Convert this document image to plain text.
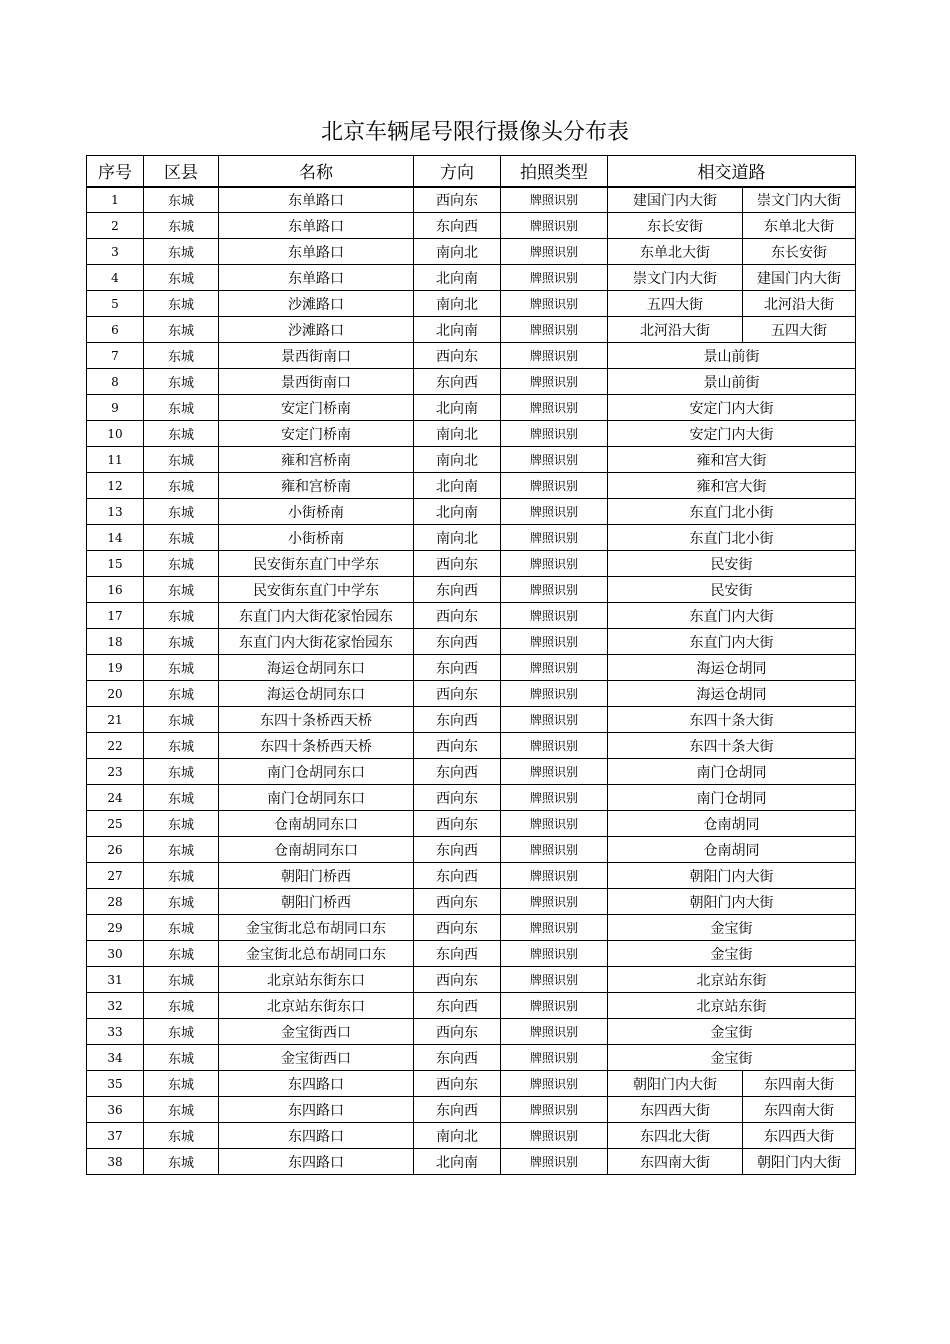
北京车辆尾号限行摄像头分布表
序号	区县	名称	方向	拍照类型	相交道路	
1	东城	东单路口	西向东	牌照识别	建国门内大街	崇文门内大街
2	东城	东单路口	东向西	牌照识别	东长安街	东单北大街
3	东城	东单路口	南向北	牌照识别	东单北大街	东长安街
4	东城	东单路口	北向南	牌照识别	崇文门内大街	建国门内大街
5	东城	沙滩路口	南向北	牌照识别	五四大街	北河沿大街
6	东城	沙滩路口	北向南	牌照识别	北河沿大街	五四大街
7	东城	景西街南口	西向东	牌照识别	景山前街	
8	东城	景西街南口	东向西	牌照识别	景山前街	
9	东城	安定门桥南	北向南	牌照识别	安定门内大街	
10	东城	安定门桥南	南向北	牌照识别	安定门内大街	
11	东城	雍和宫桥南	南向北	牌照识别	雍和宫大街	
12	东城	雍和宫桥南	北向南	牌照识别	雍和宫大街	
13	东城	小街桥南	北向南	牌照识别	东直门北小街	
14	东城	小街桥南	南向北	牌照识别	东直门北小街	
15	东城	民安街东直门中学东	西向东	牌照识别	民安街	
16	东城	民安街东直门中学东	东向西	牌照识别	民安街	
17	东城	东直门内大街花家怡园东	西向东	牌照识别	东直门内大街	
18	东城	东直门内大街花家怡园东	东向西	牌照识别	东直门内大街	
19	东城	海运仓胡同东口	东向西	牌照识别	海运仓胡同	
20	东城	海运仓胡同东口	西向东	牌照识别	海运仓胡同	
21	东城	东四十条桥西天桥	东向西	牌照识别	东四十条大街	
22	东城	东四十条桥西天桥	西向东	牌照识别	东四十条大街	
23	东城	南门仓胡同东口	东向西	牌照识别	南门仓胡同	
24	东城	南门仓胡同东口	西向东	牌照识别	南门仓胡同	
25	东城	仓南胡同东口	西向东	牌照识别	仓南胡同	
26	东城	仓南胡同东口	东向西	牌照识别	仓南胡同	
27	东城	朝阳门桥西	东向西	牌照识别	朝阳门内大街	
28	东城	朝阳门桥西	西向东	牌照识别	朝阳门内大街	
29	东城	金宝街北总布胡同口东	西向东	牌照识别	金宝街	
30	东城	金宝街北总布胡同口东	东向西	牌照识别	金宝街	
31	东城	北京站东街东口	西向东	牌照识别	北京站东街	
32	东城	北京站东街东口	东向西	牌照识别	北京站东街	
33	东城	金宝街西口	西向东	牌照识别	金宝街	
34	东城	金宝街西口	东向西	牌照识别	金宝街	
35	东城	东四路口	西向东	牌照识别	朝阳门内大街	东四南大街
36	东城	东四路口	东向西	牌照识别	东四西大街	东四南大街
37	东城	东四路口	南向北	牌照识别	东四北大街	东四西大街
38	东城	东四路口	北向南	牌照识别	东四南大街	朝阳门内大街
